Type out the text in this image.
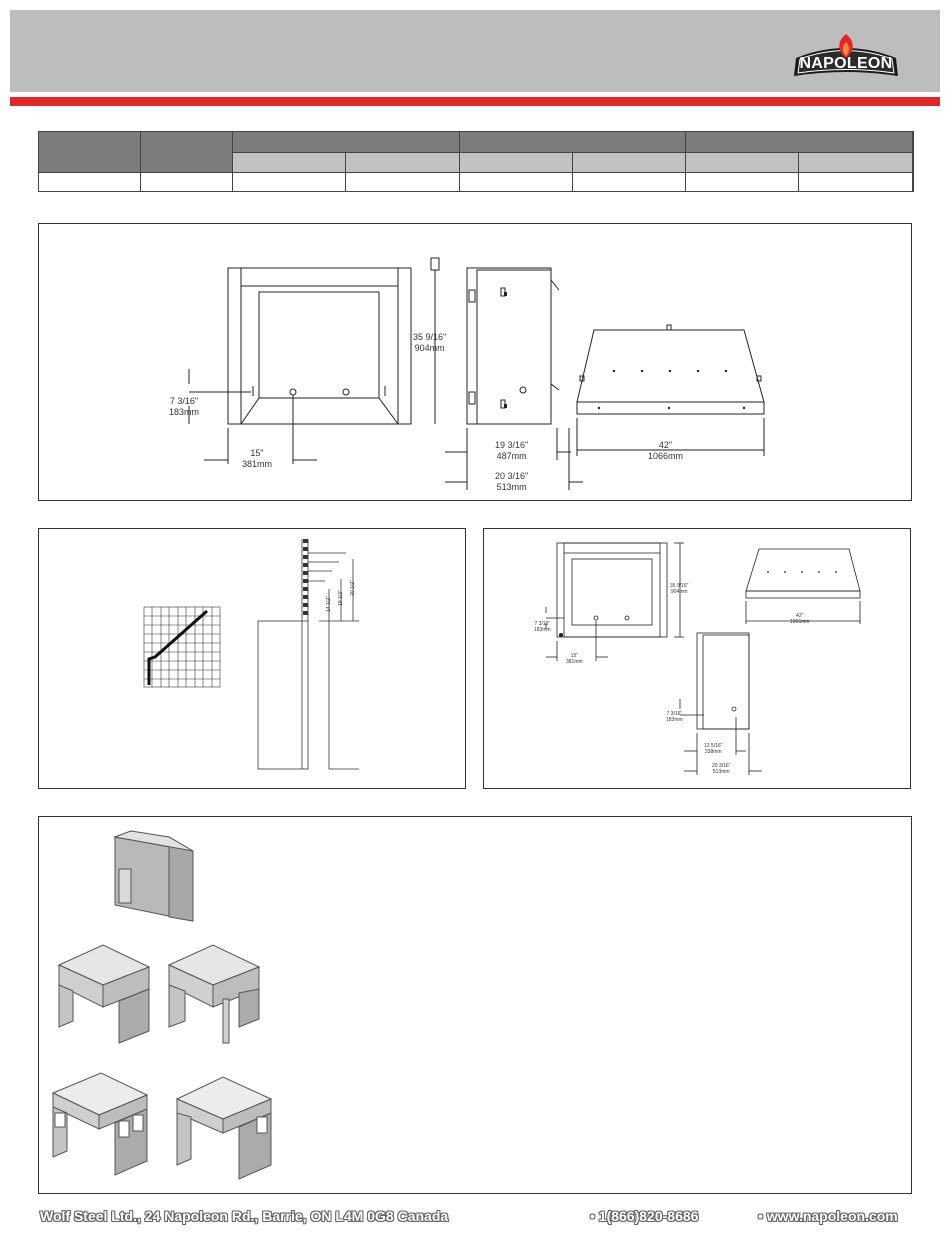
NAPOLEON

35 9/16"
904mm
7 3/16"
183mm
15"
381mm
19 3/16"
487mm
20 3/16"
513mm
42"
1066mm
14 1/2" 18 1/2"
20 1/2"	35 9/16"
904mm
42"
1066mm
7 3/16"
183mm
15"
381mm
7 3/16"
183mm
13 5/16"
338mm
20 3/16"
513mm
Wolf Steel Ltd., 24 Napoleon Rd., Barrie, ON L4M 0G8 Canada	• 1(866)820-8686	• www.napoleon.com
